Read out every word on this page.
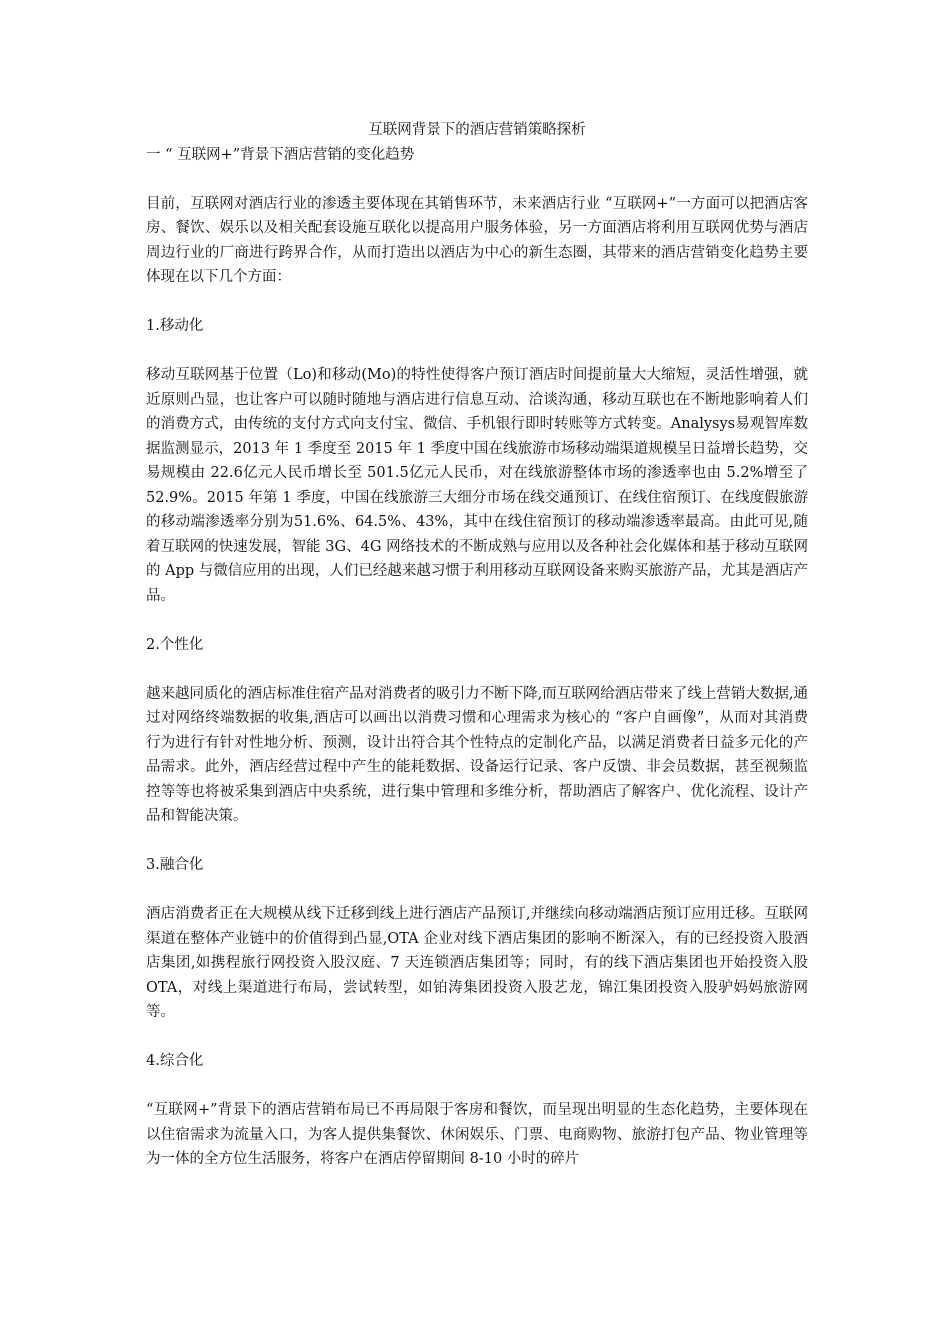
互联网背景下的酒店营销策略探析
一 “ 互联网+”背景下酒店营销的变化趋势

目前，互联网对酒店行业的渗透主要体现在其销售环节，未来酒店行业 “互联网+”一方面可以把酒店客房、餐饮、娱乐以及相关配套设施互联化以提高用户服务体验，另一方面酒店将利用互联网优势与酒店周边行业的厂商进行跨界合作，从而打造出以酒店为中心的新生态圈，其带来的酒店营销变化趋势主要体现在以下几个方面：

1.移动化

移动互联网基于位置（Lo)和移动(Mo)的特性使得客户预订酒店时间提前量大大缩短，灵活性增强，就近原则凸显，也让客户可以随时随地与酒店进行信息互动、洽谈沟通，移动互联也在不断地影响着人们的消费方式，由传统的支付方式向支付宝、微信、手机银行即时转账等方式转变。Analysys易观智库数据监测显示，2013 年 1 季度至 2015 年 1 季度中国在线旅游市场移动端渠道规模呈日益增长趋势，交易规模由 22.6亿元人民币增长至 501.5亿元人民币，对在线旅游整体市场的渗透率也由 5.2%增至了 52.9%。2015 年第 1 季度，中国在线旅游三大细分市场在线交通预订、在线住宿预订、在线度假旅游的移动端渗透率分别为51.6%、64.5%、43%，其中在线住宿预订的移动端渗透率最高。由此可见,随着互联网的快速发展，智能 3G、4G 网络技术的不断成熟与应用以及各种社会化媒体和基于移动互联网的 App 与微信应用的出现，人们已经越来越习惯于利用移动互联网设备来购买旅游产品，尤其是酒店产品。

2.个性化

越来越同质化的酒店标准住宿产品对消费者的吸引力不断下降,而互联网给酒店带来了线上营销大数据,通过对网络终端数据的收集,酒店可以画出以消费习惯和心理需求为核心的 “客户自画像”，从而对其消费行为进行有针对性地分析、预测，设计出符合其个性特点的定制化产品，以满足消费者日益多元化的产品需求。此外，酒店经营过程中产生的能耗数据、设备运行记录、客户反馈、非会员数据，甚至视频监控等等也将被采集到酒店中央系统，进行集中管理和多维分析，帮助酒店了解客户、优化流程、设计产品和智能决策。

3.融合化

酒店消费者正在大规模从线下迁移到线上进行酒店产品预订,并继续向移动端酒店预订应用迁移。互联网渠道在整体产业链中的价值得到凸显,OTA 企业对线下酒店集团的影响不断深入，有的已经投资入股酒店集团,如携程旅行网投资入股汉庭、7 天连锁酒店集团等；同时，有的线下酒店集团也开始投资入股 OTA，对线上渠道进行布局，尝试转型，如铂涛集团投资入股艺龙，锦江集团投资入股驴妈妈旅游网等。

4.综合化

“互联网+”背景下的酒店营销布局已不再局限于客房和餐饮，而呈现出明显的生态化趋势，主要体现在以住宿需求为流量入口，为客人提供集餐饮、休闲娱乐、门票、电商购物、旅游打包产品、物业管理等为一体的全方位生活服务，将客户在酒店停留期间 8-10 小时的碎片
